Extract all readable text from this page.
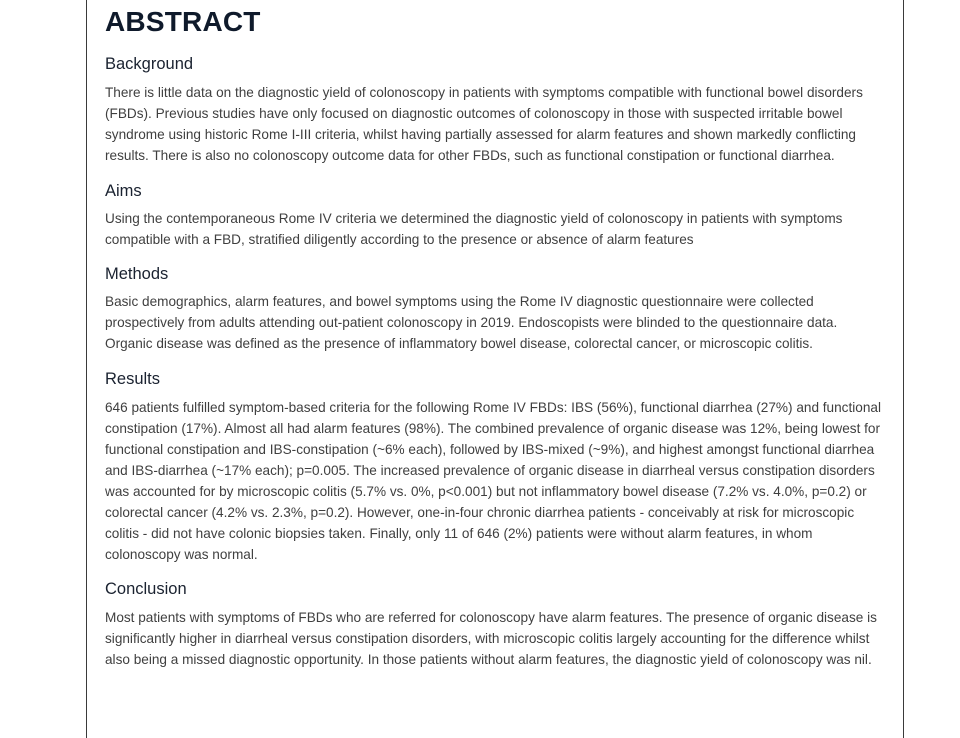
ABSTRACT
Background

There is little data on the diagnostic yield of colonoscopy in patients with symptoms compatible with functional bowel disorders (FBDs). Previous studies have only focused on diagnostic outcomes of colonoscopy in those with suspected irritable bowel syndrome using historic Rome I-III criteria, whilst having partially assessed for alarm features and shown markedly conflicting results. There is also no colonoscopy outcome data for other FBDs, such as functional constipation or functional diarrhea.

Aims

Using the contemporaneous Rome IV criteria we determined the diagnostic yield of colonoscopy in patients with symptoms compatible with a FBD, stratified diligently according to the presence or absence of alarm features

Methods

Basic demographics, alarm features, and bowel symptoms using the Rome IV diagnostic questionnaire were collected prospectively from adults attending out-patient colonoscopy in 2019. Endoscopists were blinded to the questionnaire data. Organic disease was defined as the presence of inflammatory bowel disease, colorectal cancer, or microscopic colitis.

Results

646 patients fulfilled symptom-based criteria for the following Rome IV FBDs: IBS (56%), functional diarrhea (27%) and functional constipation (17%). Almost all had alarm features (98%). The combined prevalence of organic disease was 12%, being lowest for functional constipation and IBS-constipation (~6% each), followed by IBS-mixed (~9%), and highest amongst functional diarrhea and IBS-diarrhea (~17% each); p=0.005. The increased prevalence of organic disease in diarrheal versus constipation disorders was accounted for by microscopic colitis (5.7% vs. 0%, p<0.001) but not inflammatory bowel disease (7.2% vs. 4.0%, p=0.2) or colorectal cancer (4.2% vs. 2.3%, p=0.2). However, one-in-four chronic diarrhea patients - conceivably at risk for microscopic colitis - did not have colonic biopsies taken. Finally, only 11 of 646 (2%) patients were without alarm features, in whom colonoscopy was normal.

Conclusion

Most patients with symptoms of FBDs who are referred for colonoscopy have alarm features. The presence of organic disease is significantly higher in diarrheal versus constipation disorders, with microscopic colitis largely accounting for the difference whilst also being a missed diagnostic opportunity. In those patients without alarm features, the diagnostic yield of colonoscopy was nil.
